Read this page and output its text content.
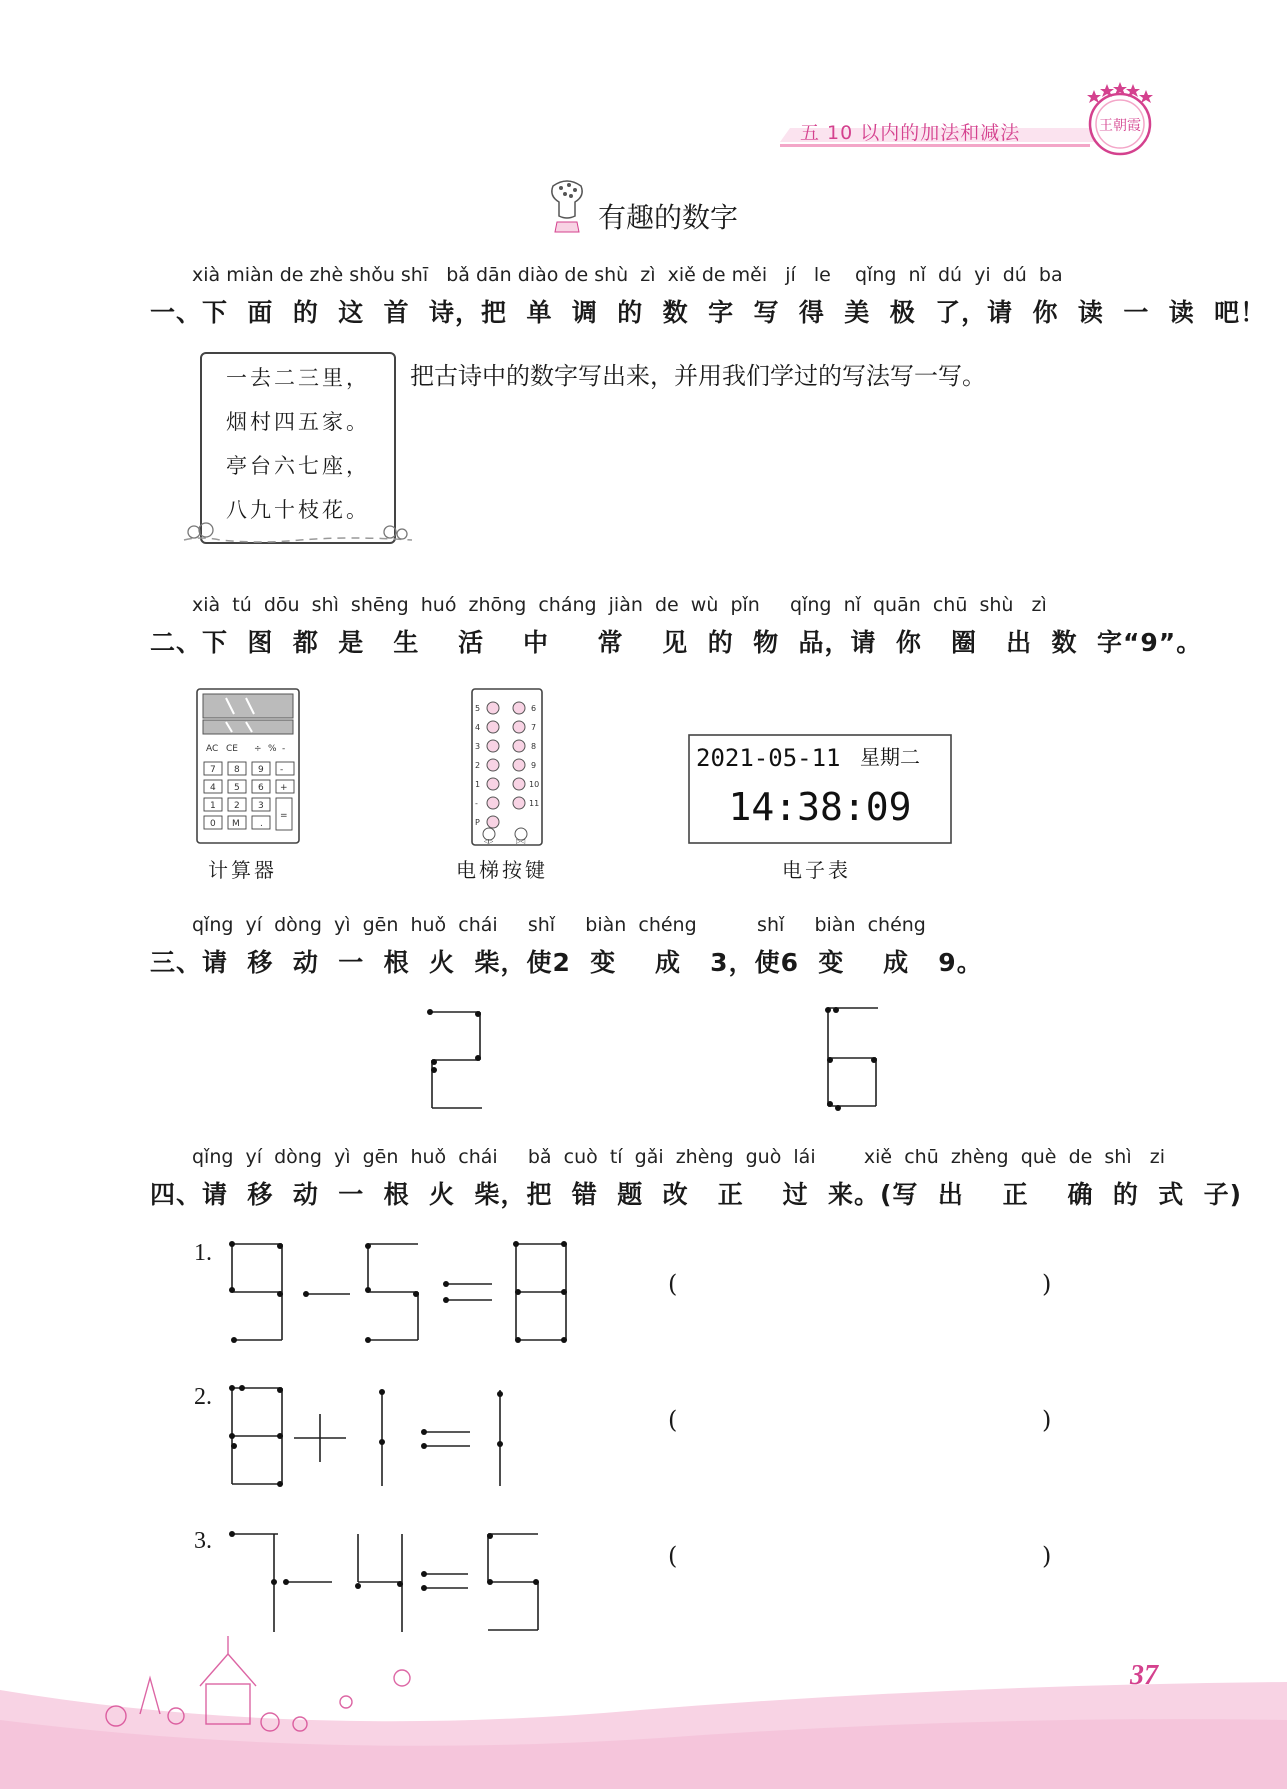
五 10 以内的加法和减法	王朝霞
有趣的数字
xià miàn de zhè shǒu shī   bǎ dān diào de shù  zì  xiě de měi   jí   le    qǐng  nǐ  dú  yi  dú  ba
一、下  面  的  这  首  诗，把  单  调  的  数  字  写  得  美  极  了，请  你  读  一  读  吧！
一去二三里，
烟村四五家。
亭台六七座，
八九十枝花。
把古诗中的数字写出来，并用我们学过的写法写一写。
xià  tú  dōu  shì  shēng  huó  zhōng  cháng  jiàn  de  wù  pǐn     qǐng  nǐ  quān  chū  shù   zì
二、下  图  都  是   生    活    中     常    见  的  物  品，请  你   圈   出  数  字“9”。
AC CE ÷ % -
7 8 9 -
4 5 6 +
1 2 3
=
0 M .
计算器
5
4
3
2
1
-
P
6
7
8
9
10
11
◁▷	▷◁
电梯按键
2021-05-11 星期二
14:38:09
电子表
qǐng  yí  dòng  yì  gēn  huǒ  chái     shǐ     biàn  chéng          shǐ     biàn  chéng
三、请  移  动  一  根  火  柴，使2  变    成   3，使6  变    成   9。
qǐng  yí  dòng  yì  gēn  huǒ  chái     bǎ  cuò  tí  gǎi  zhèng  guò  lái        xiě  chū  zhèng  què  de  shì   zi
四、请  移  动  一  根  火  柴，把  错  题  改   正    过  来。(写  出    正    确  的  式  子)
1.
(	)
2.
(	)
3.
(	)
37
